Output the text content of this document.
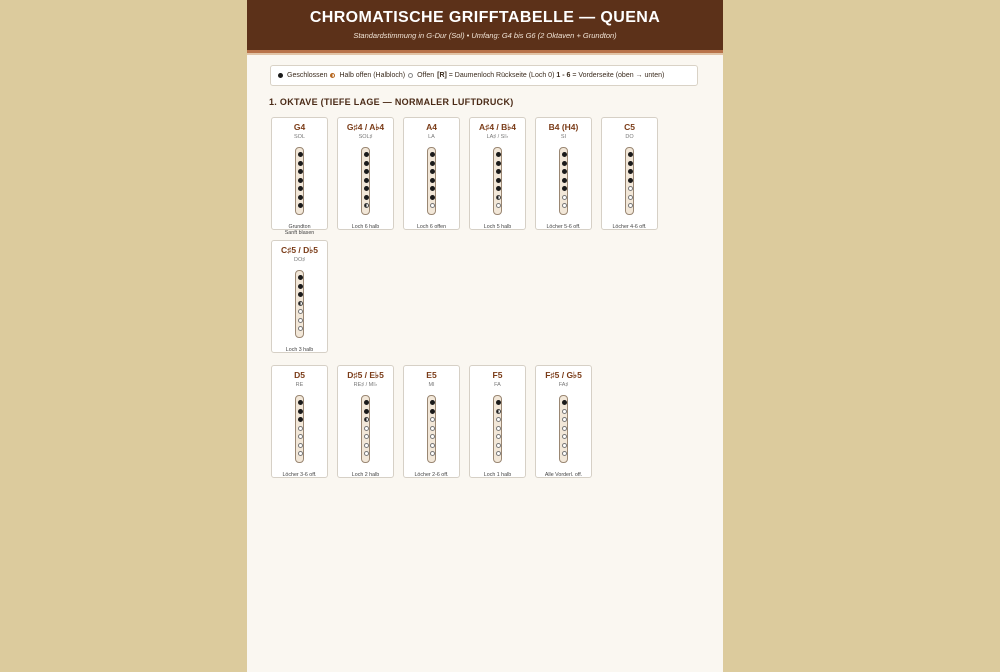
CHROMATISCHE GRIFFTABELLE — QUENA
Standardstimmung in G-Dur (Sol) • Umfang: G4 bis G6 (2 Oktaven + Grundton)
Geschlossen Halb offen (Halbloch) Offen [R] = Daumenloch Rückseite (Loch 0) 1 - 6 = Vorderseite (oben → unten)
1. OKTAVE (TIEFE LAGE — NORMALER LUFTDRUCK)
G4
SOL
Grundton Sanft blasen
G♯4 / A♭4
SOL♯
Loch 6 halb
A4
LA
Loch 6 offen
A♯4 / B♭4
LA♯ / SI♭
Loch 5 halb
B4 (H4)
SI
Löcher 5-6 off.
C5
DO
Löcher 4-6 off.
C♯5 / D♭5
DO♯
Loch 3 halb
D5
RE
Löcher 3-6 off.
D♯5 / E♭5
RE♯ / MI♭
Loch 2 halb
E5
MI
Löcher 2-6 off.
F5
FA
Loch 1 halb
F♯5 / G♭5
FA♯
Alle Vorderl. off.
